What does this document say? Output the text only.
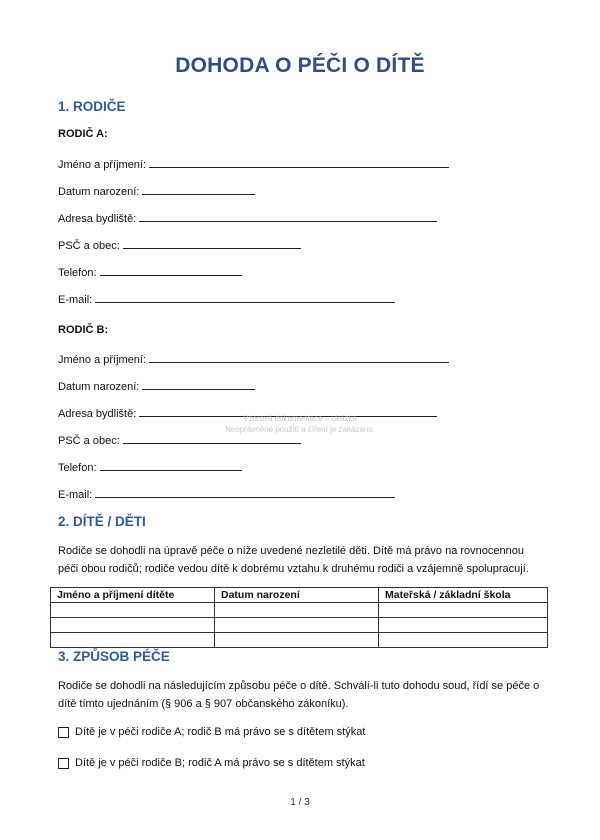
DOHODA O PÉČI O DÍTĚ
1. RODIČE
RODIČ A:
Jméno a příjmení:
Datum narození:
Adresa bydliště:
PSČ a obec:
Telefon:
E-mail:
RODIČ B:
Jméno a příjmení:
Datum narození:
Adresa bydliště:
PSČ a obec:
Telefon:
E-mail:
Vzorová dokumentace – ukázka
Neoprávněné použití a šíření je zakázáno.
2. DÍTĚ / DĚTI
Rodiče se dohodli na úpravě péče o níže uvedené nezletilé děti. Dítě má právo na rovnocennou
péči obou rodičů; rodiče vedou dítě k dobrému vztahu k druhému rodiči a vzájemně spolupracují.
Jméno a příjmení dítěte	Datum narození	Mateřská / základní škola

3. ZPŮSOB PÉČE
Rodiče se dohodli na následujícím způsobu péče o dítě. Schválí-li tuto dohodu soud, řídí se péče o
dítě tímto ujednáním (§ 906 a § 907 občanského zákoníku).
Dítě je v péči rodiče A; rodič B má právo se s dítětem stýkat
Dítě je v péči rodiče B; rodič A má právo se s dítětem stýkat
1 / 3
